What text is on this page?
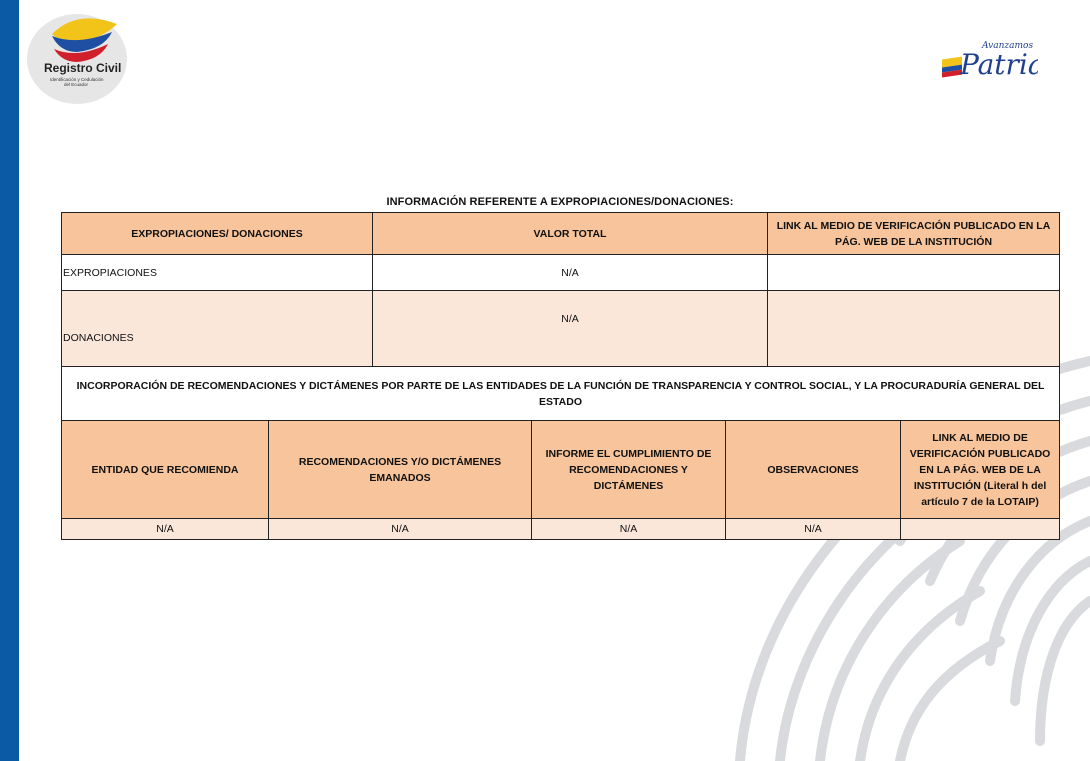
Registro Civil
Identificación y Cedulación
del Ecuador
Avanzamos
Patri
INFORMACIÓN REFERENTE A EXPROPIACIONES/DONACIONES:
EXPROPIACIONES/ DONACIONES	VALOR TOTAL	LINK AL MEDIO DE VERIFICACIÓN PUBLICADO EN LA PÁG. WEB DE LA INSTITUCIÓN
EXPROPIACIONES	N/A	
DONACIONES	N/A	
INCORPORACIÓN DE RECOMENDACIONES Y DICTÁMENES POR PARTE DE LAS ENTIDADES DE LA FUNCIÓN DE TRANSPARENCIA Y CONTROL SOCIAL, Y LA PROCURADURÍA GENERAL DEL ESTADO				
ENTIDAD QUE RECOMIENDA	RECOMENDACIONES Y/O DICTÁMENES EMANADOS	INFORME EL CUMPLIMIENTO DE RECOMENDACIONES Y DICTÁMENES	OBSERVACIONES	LINK AL MEDIO DE VERIFICACIÓN PUBLICADO EN LA PÁG. WEB DE LA INSTITUCIÓN (Literal h del artículo 7 de la LOTAIP)
N/A	N/A	N/A	N/A	
